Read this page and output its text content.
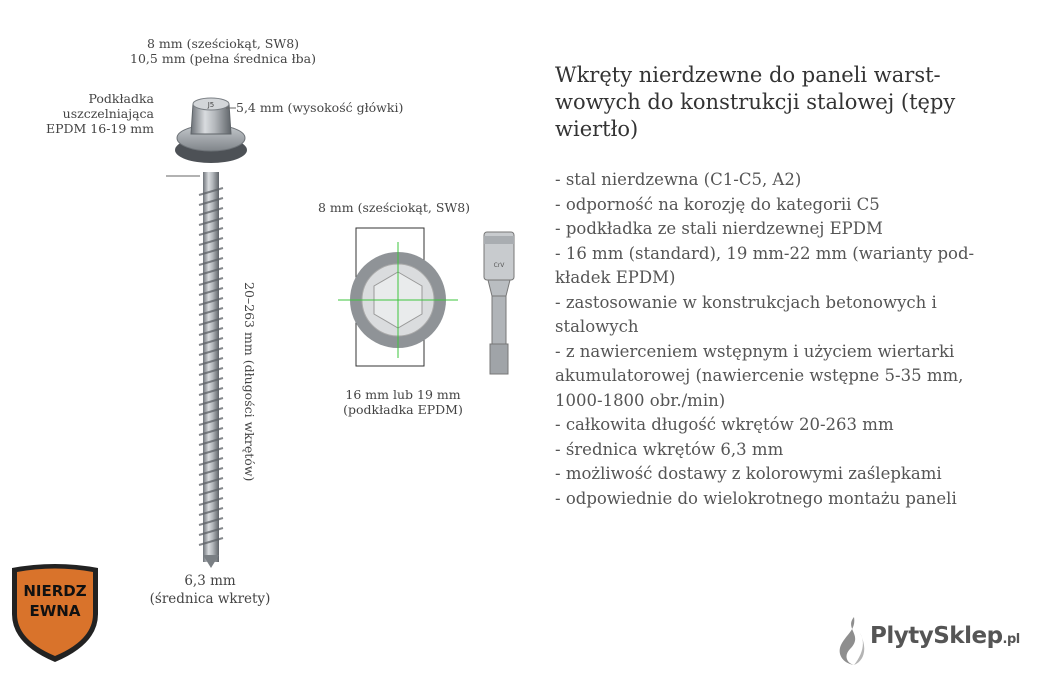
J5
8 mm (sześciokąt, SW8)
10,5 mm (pełna średnica łba)
Podkładka
uszczelniająca
EPDM 16-19 mm
5,4 mm (wysokość główki)
20–263 mm (długości wkrętów)
6,3 mm
(średnica wkrety)
8 mm (sześciokąt, SW8)
CrV
16 mm lub 19 mm
(podkładka EPDM)
Wkręty nierdzewne do paneli warst-
wowych do konstrukcji stalowej (tępy
wiertło)
- stal nierdzewna (C1-C5, A2)
- odporność na korozję do kategorii C5
- podkładka ze stali nierdzewnej EPDM
- 16 mm (standard), 19 mm-22 mm (warianty pod-
kładek EPDM)
- zastosowanie w konstrukcjach betonowych i
stalowych
- z nawierceniem wstępnym i użyciem wiertarki
akumulatorowej (nawiercenie wstępne 5-35 mm,
1000-1800 obr./min)
- całkowita długość wkrętów 20-263 mm
- średnica wkrętów 6,3 mm
- możliwość dostawy z kolorowymi zaślepkami
- odpowiednie do wielokrotnego montażu paneli
NIERDZ
EWNA
PlytySklep.pl
